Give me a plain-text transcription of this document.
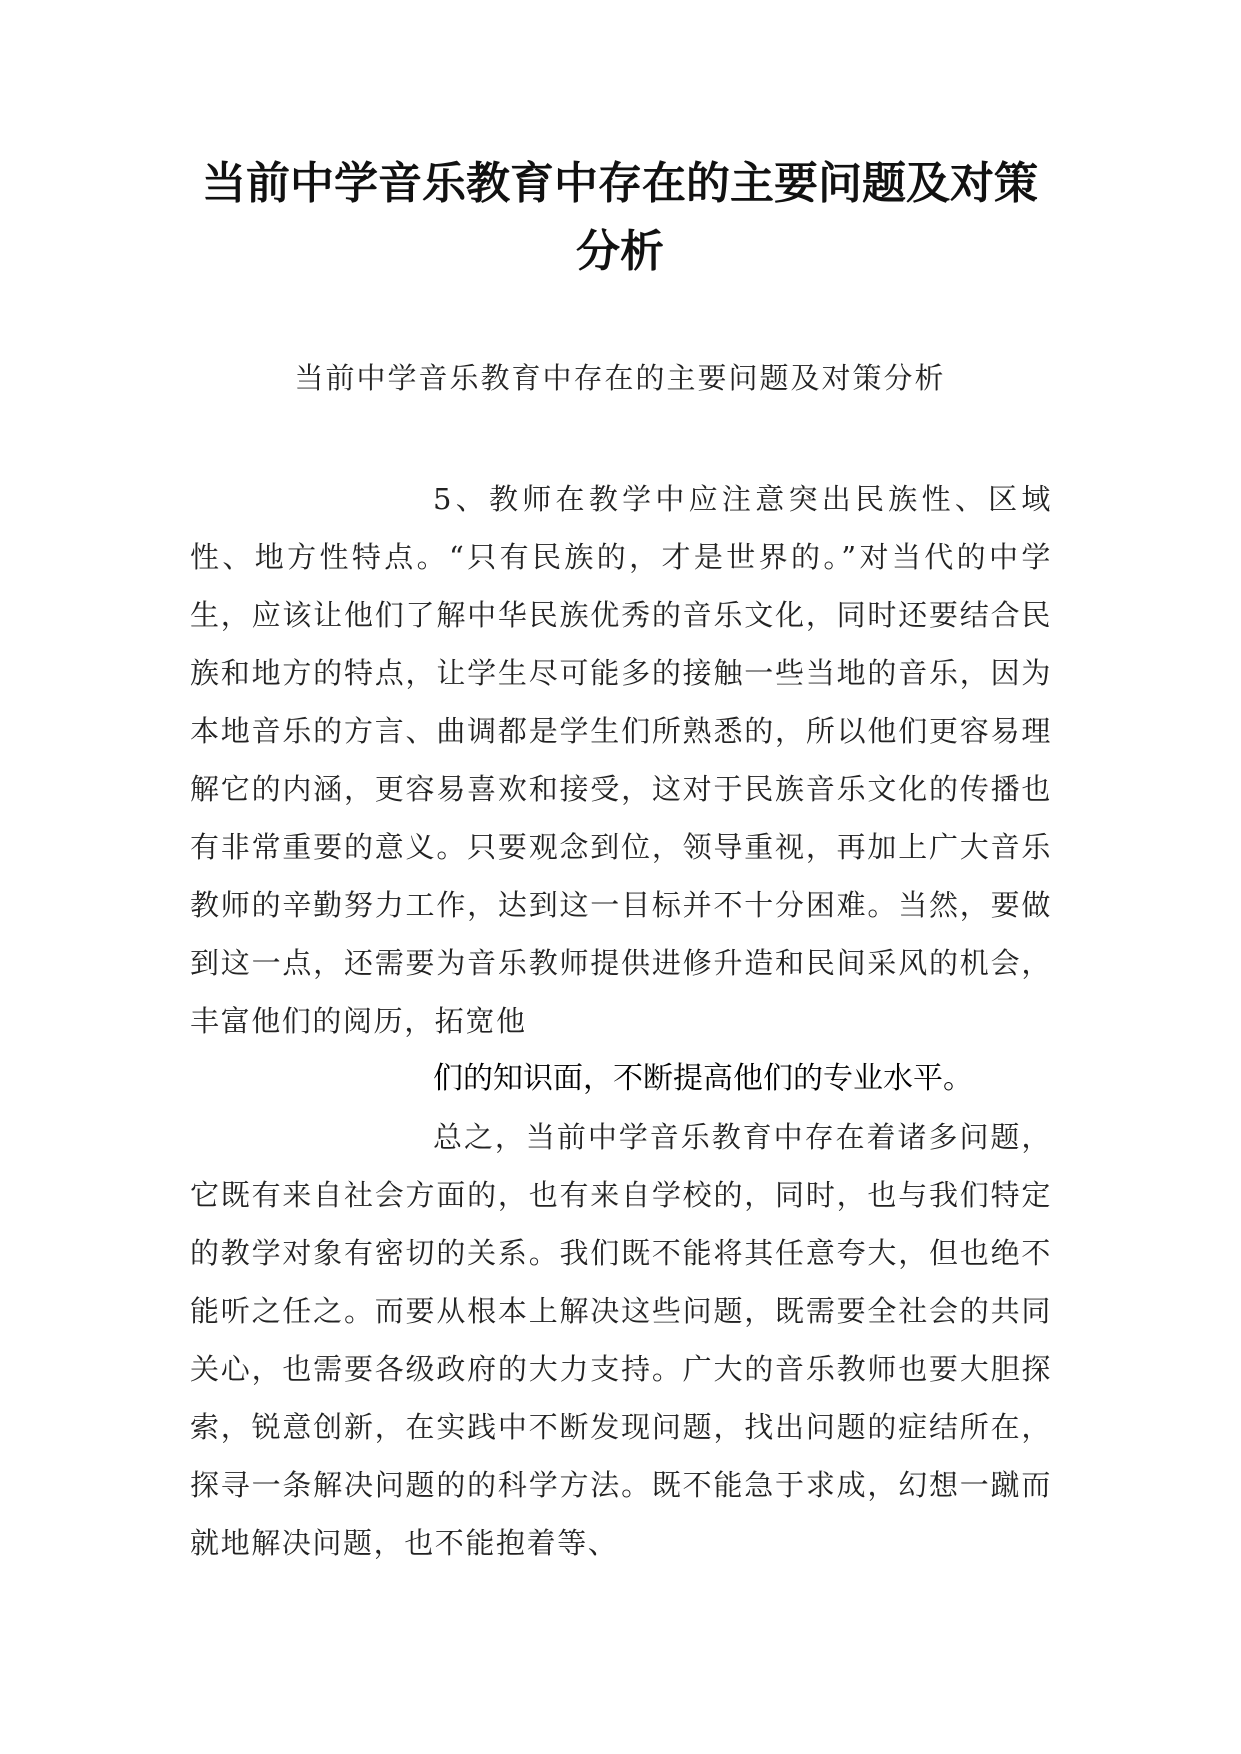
当前中学音乐教育中存在的主要问题及对策分析

当前中学音乐教育中存在的主要问题及对策分析

5、教师在教学中应注意突出民族性、区域性、地方性特点。“只有民族的，才是世界的。”对当代的中学生，应该让他们了解中华民族优秀的音乐文化，同时还要结合民族和地方的特点，让学生尽可能多的接触一些当地的音乐，因为本地音乐的方言、曲调都是学生们所熟悉的，所以他们更容易理解它的内涵，更容易喜欢和接受，这对于民族音乐文化的传播也有非常重要的意义。只要观念到位，领导重视，再加上广大音乐教师的辛勤努力工作，达到这一目标并不十分困难。当然，要做到这一点，还需要为音乐教师提供进修升造和民间采风的机会，丰富他们的阅历，拓宽他
们的知识面，不断提高他们的专业水平。

总之，当前中学音乐教育中存在着诸多问题，它既有来自社会方面的，也有来自学校的，同时，也与我们特定的教学对象有密切的关系。我们既不能将其任意夸大，但也绝不能听之任之。而要从根本上解决这些问题，既需要全社会的共同关心，也需要各级政府的大力支持。广大的音乐教师也要大胆探索，锐意创新，在实践中不断发现问题，找出问题的症结所在，探寻一条解决问题的的科学方法。既不能急于求成，幻想一蹴而就地解决问题，也不能抱着等、
